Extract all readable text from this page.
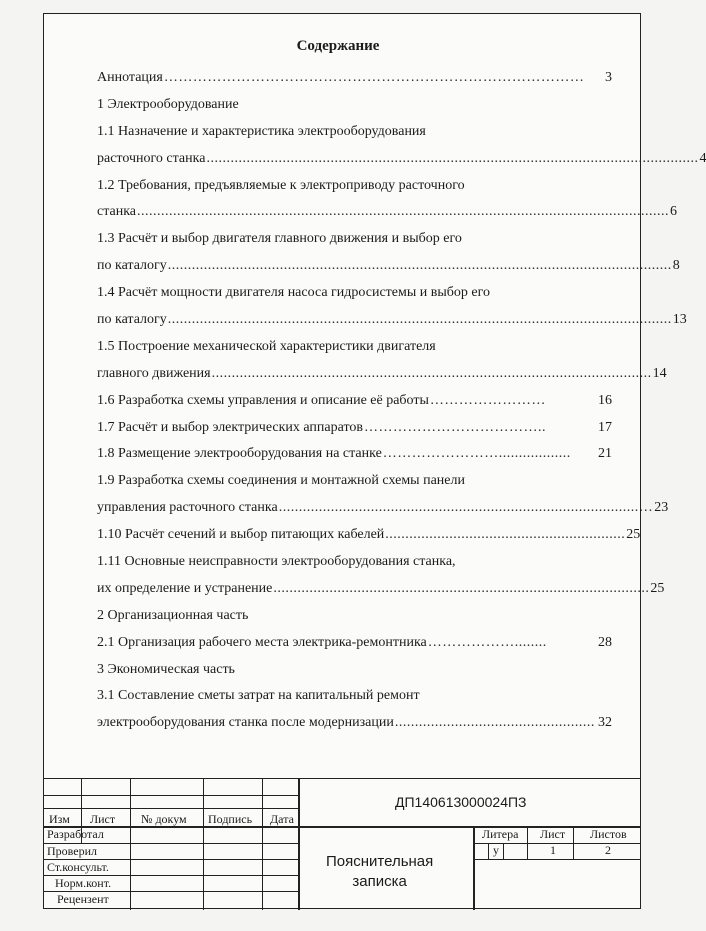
Содержание
Аннотация ……………………………………………………………………………	3
1 Электрооборудование
1.1 Назначение и характеристика электрооборудования
расточного станка ........................................................................................................................... 4
1.2 Требования, предъявляемые к электроприводу расточного
станка ..................................................................................................................................... 6
1.3 Расчёт и выбор двигателя главного движения и выбор его
по каталогу .............................................................................................................................. 8
1.4 Расчёт мощности двигателя насоса гидросистемы и выбор его
по каталогу .............................................................................................................................. 13
1.5 Построение механической характеристики двигателя
главного движения .............................................................................................................. 14
1.6 Разработка схемы управления и описание её работы ……………………	16
1.7 Расчёт и выбор электрических аппаратов ………………………………..	17
1.8 Размещение электрооборудования на станке ……………………..................	21
1.9 Разработка схемы соединения и монтажной схемы панели
управления расточного станка ..........................................................................................… 23
1.10 Расчёт сечений и выбор питающих кабелей ............................................................ 25
1.11 Основные неисправности электрооборудования станка,
их определение и устранение .............................................................................................. 25
2 Организационная часть
2.1 Организация рабочего места электрика-ремонтника ………………........	28
3 Экономическая часть
3.1 Составление сметы затрат на капитальный ремонт
электрооборудования станка после модернизации .................................................. 32
Изм Лист № докум Подпись Дата
Разработал
Проверил
Ст.консульт.
Норм.конт.
Рецензент
ДП140613000024ПЗ
Пояснительная
записка
Литера Лист Листов
у	1	2
